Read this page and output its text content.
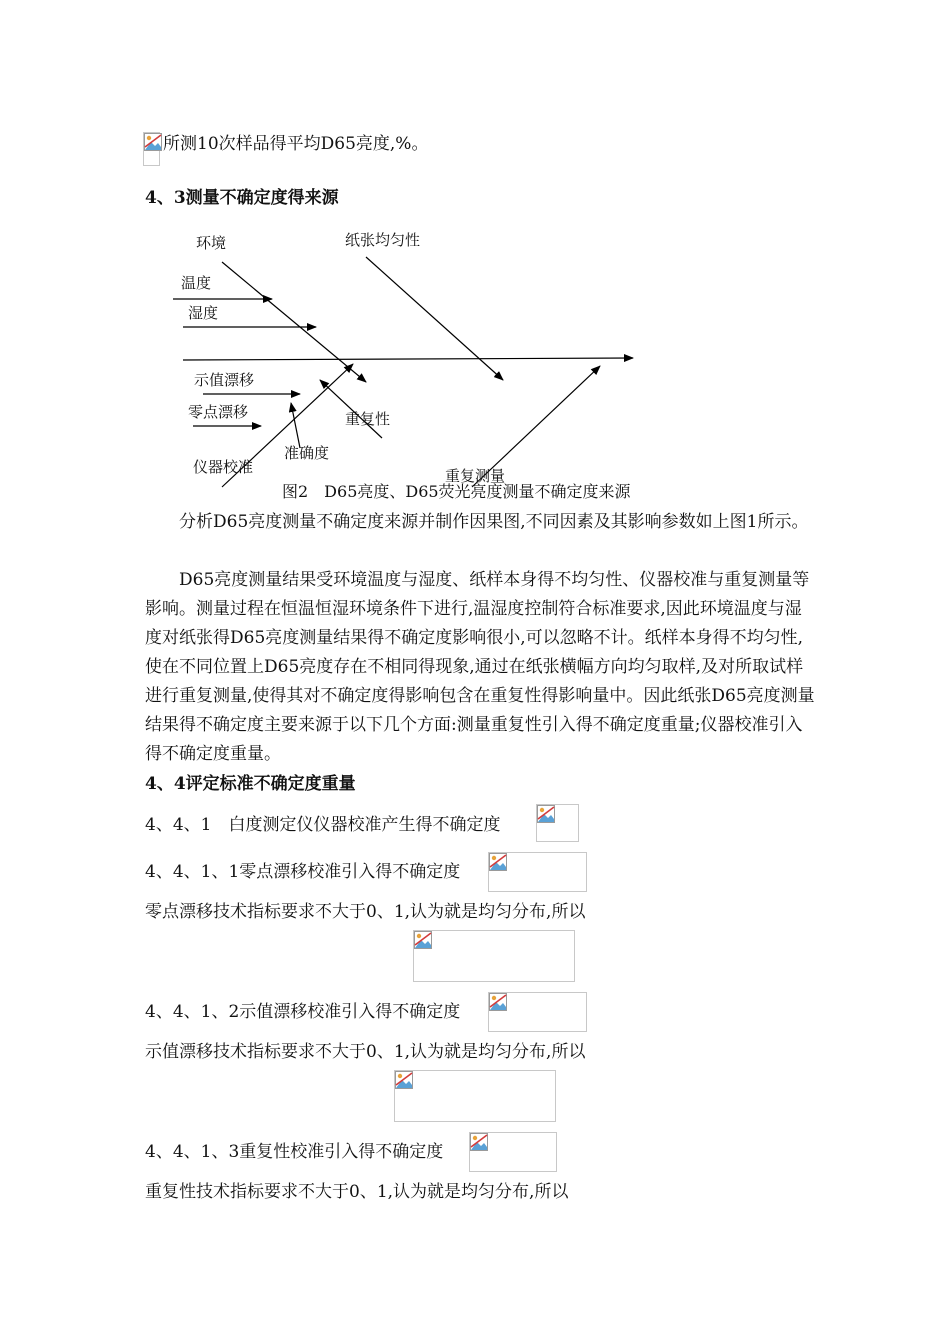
所测10次样品得平均D65亮度,%。
4、3测量不确定度得来源
环境
温度
湿度
纸张均匀性
示值漂移
零点漂移	重复性
准确度
仪器校准	重复测量
图2　D65亮度、D65荧光亮度测量不确定度来源

分析D65亮度测量不确定度来源并制作因果图,不同因素及其影响参数如上图1所示。

D65亮度测量结果受环境温度与湿度、纸样本身得不均匀性、仪器校准与重复测量等影响。测量过程在恒温恒湿环境条件下进行,温湿度控制符合标准要求,因此环境温度与湿度对纸张得D65亮度测量结果得不确定度影响很小,可以忽略不计。纸样本身得不均匀性,使在不同位置上D65亮度存在不相同得现象,通过在纸张横幅方向均匀取样,及对所取试样进行重复测量,使得其对不确定度得影响包含在重复性得影响量中。因此纸张D65亮度测量结果得不确定度主要来源于以下几个方面:测量重复性引入得不确定度重量;仪器校准引入得不确定度重量。

4、4评定标准不确定度重量
4、4、1　白度测定仪仪器校准产生得不确定度
4、4、1、1零点漂移校准引入得不确定度
零点漂移技术指标要求不大于0、1,认为就是均匀分布,所以
4、4、1、2示值漂移校准引入得不确定度
示值漂移技术指标要求不大于0、1,认为就是均匀分布,所以
4、4、1、3重复性校准引入得不确定度
重复性技术指标要求不大于0、1,认为就是均匀分布,所以
